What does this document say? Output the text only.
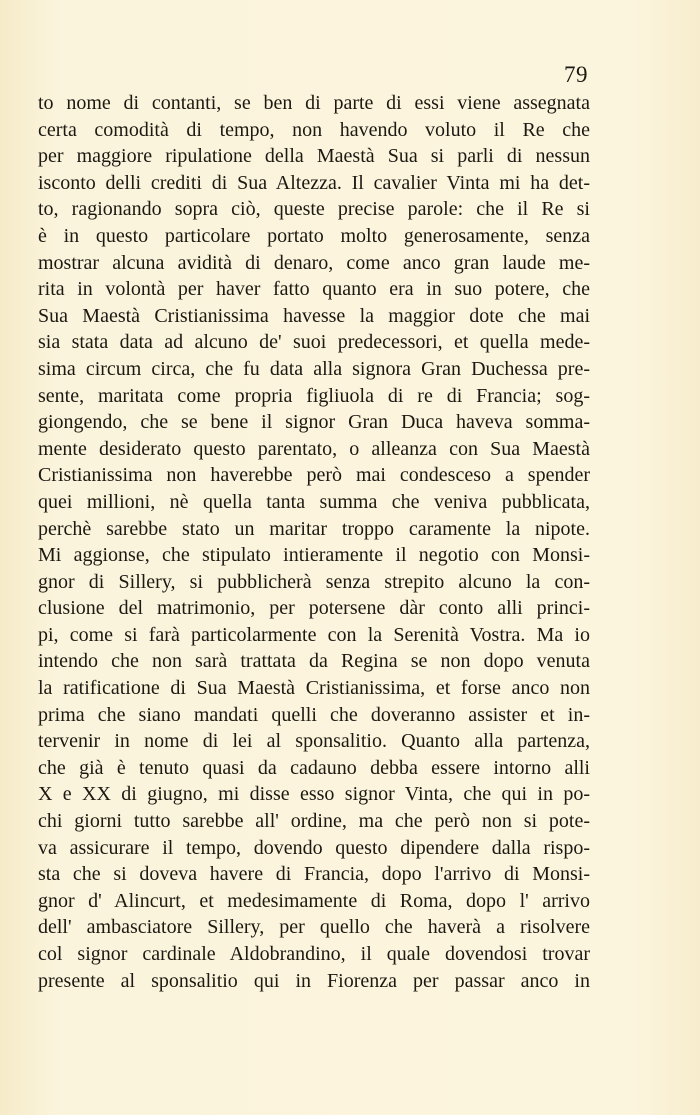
79
to nome di contanti, se ben di parte di essi viene assegnata
certa comodità di tempo, non havendo voluto il Re che
per maggiore ripulatione della Maestà Sua si parli di nessun
isconto delli crediti di Sua Altezza. Il cavalier Vinta mi ha det-
to, ragionando sopra ciò, queste precise parole: che il Re si
è in questo particolare portato molto generosamente, senza
mostrar alcuna avidità di denaro, come anco gran laude me-
rita in volontà per haver fatto quanto era in suo potere, che
Sua Maestà Cristianissima havesse la maggior dote che mai
sia stata data ad alcuno de' suoi predecessori, et quella mede-
sima circum circa, che fu data alla signora Gran Duchessa pre-
sente, maritata come propria figliuola di re di Francia; sog-
giongendo, che se bene il signor Gran Duca haveva somma-
mente desiderato questo parentato, o alleanza con Sua Maestà
Cristianissima non haverebbe però mai condesceso a spender
quei millioni, nè quella tanta summa che veniva pubblicata,
perchè sarebbe stato un maritar troppo caramente la nipote.
Mi aggionse, che stipulato intieramente il negotio con Monsi-
gnor di Sillery, si pubblicherà senza strepito alcuno la con-
clusione del matrimonio, per potersene dàr conto alli princi-
pi, come si farà particolarmente con la Serenità Vostra. Ma io
intendo che non sarà trattata da Regina se non dopo venuta
la ratificatione di Sua Maestà Cristianissima, et forse anco non
prima che siano mandati quelli che doveranno assister et in-
tervenir in nome di lei al sponsalitio. Quanto alla partenza,
che già è tenuto quasi da cadauno debba essere intorno alli
X e XX di giugno, mi disse esso signor Vinta, che qui in po-
chi giorni tutto sarebbe all' ordine, ma che però non si pote-
va assicurare il tempo, dovendo questo dipendere dalla rispo-
sta che si doveva havere di Francia, dopo l'arrivo di Monsi-
gnor d' Alincurt, et medesimamente di Roma, dopo l' arrivo
dell' ambasciatore Sillery, per quello che haverà a risolvere
col signor cardinale Aldobrandino, il quale dovendosi trovar
presente al sponsalitio qui in Fiorenza per passar anco in
